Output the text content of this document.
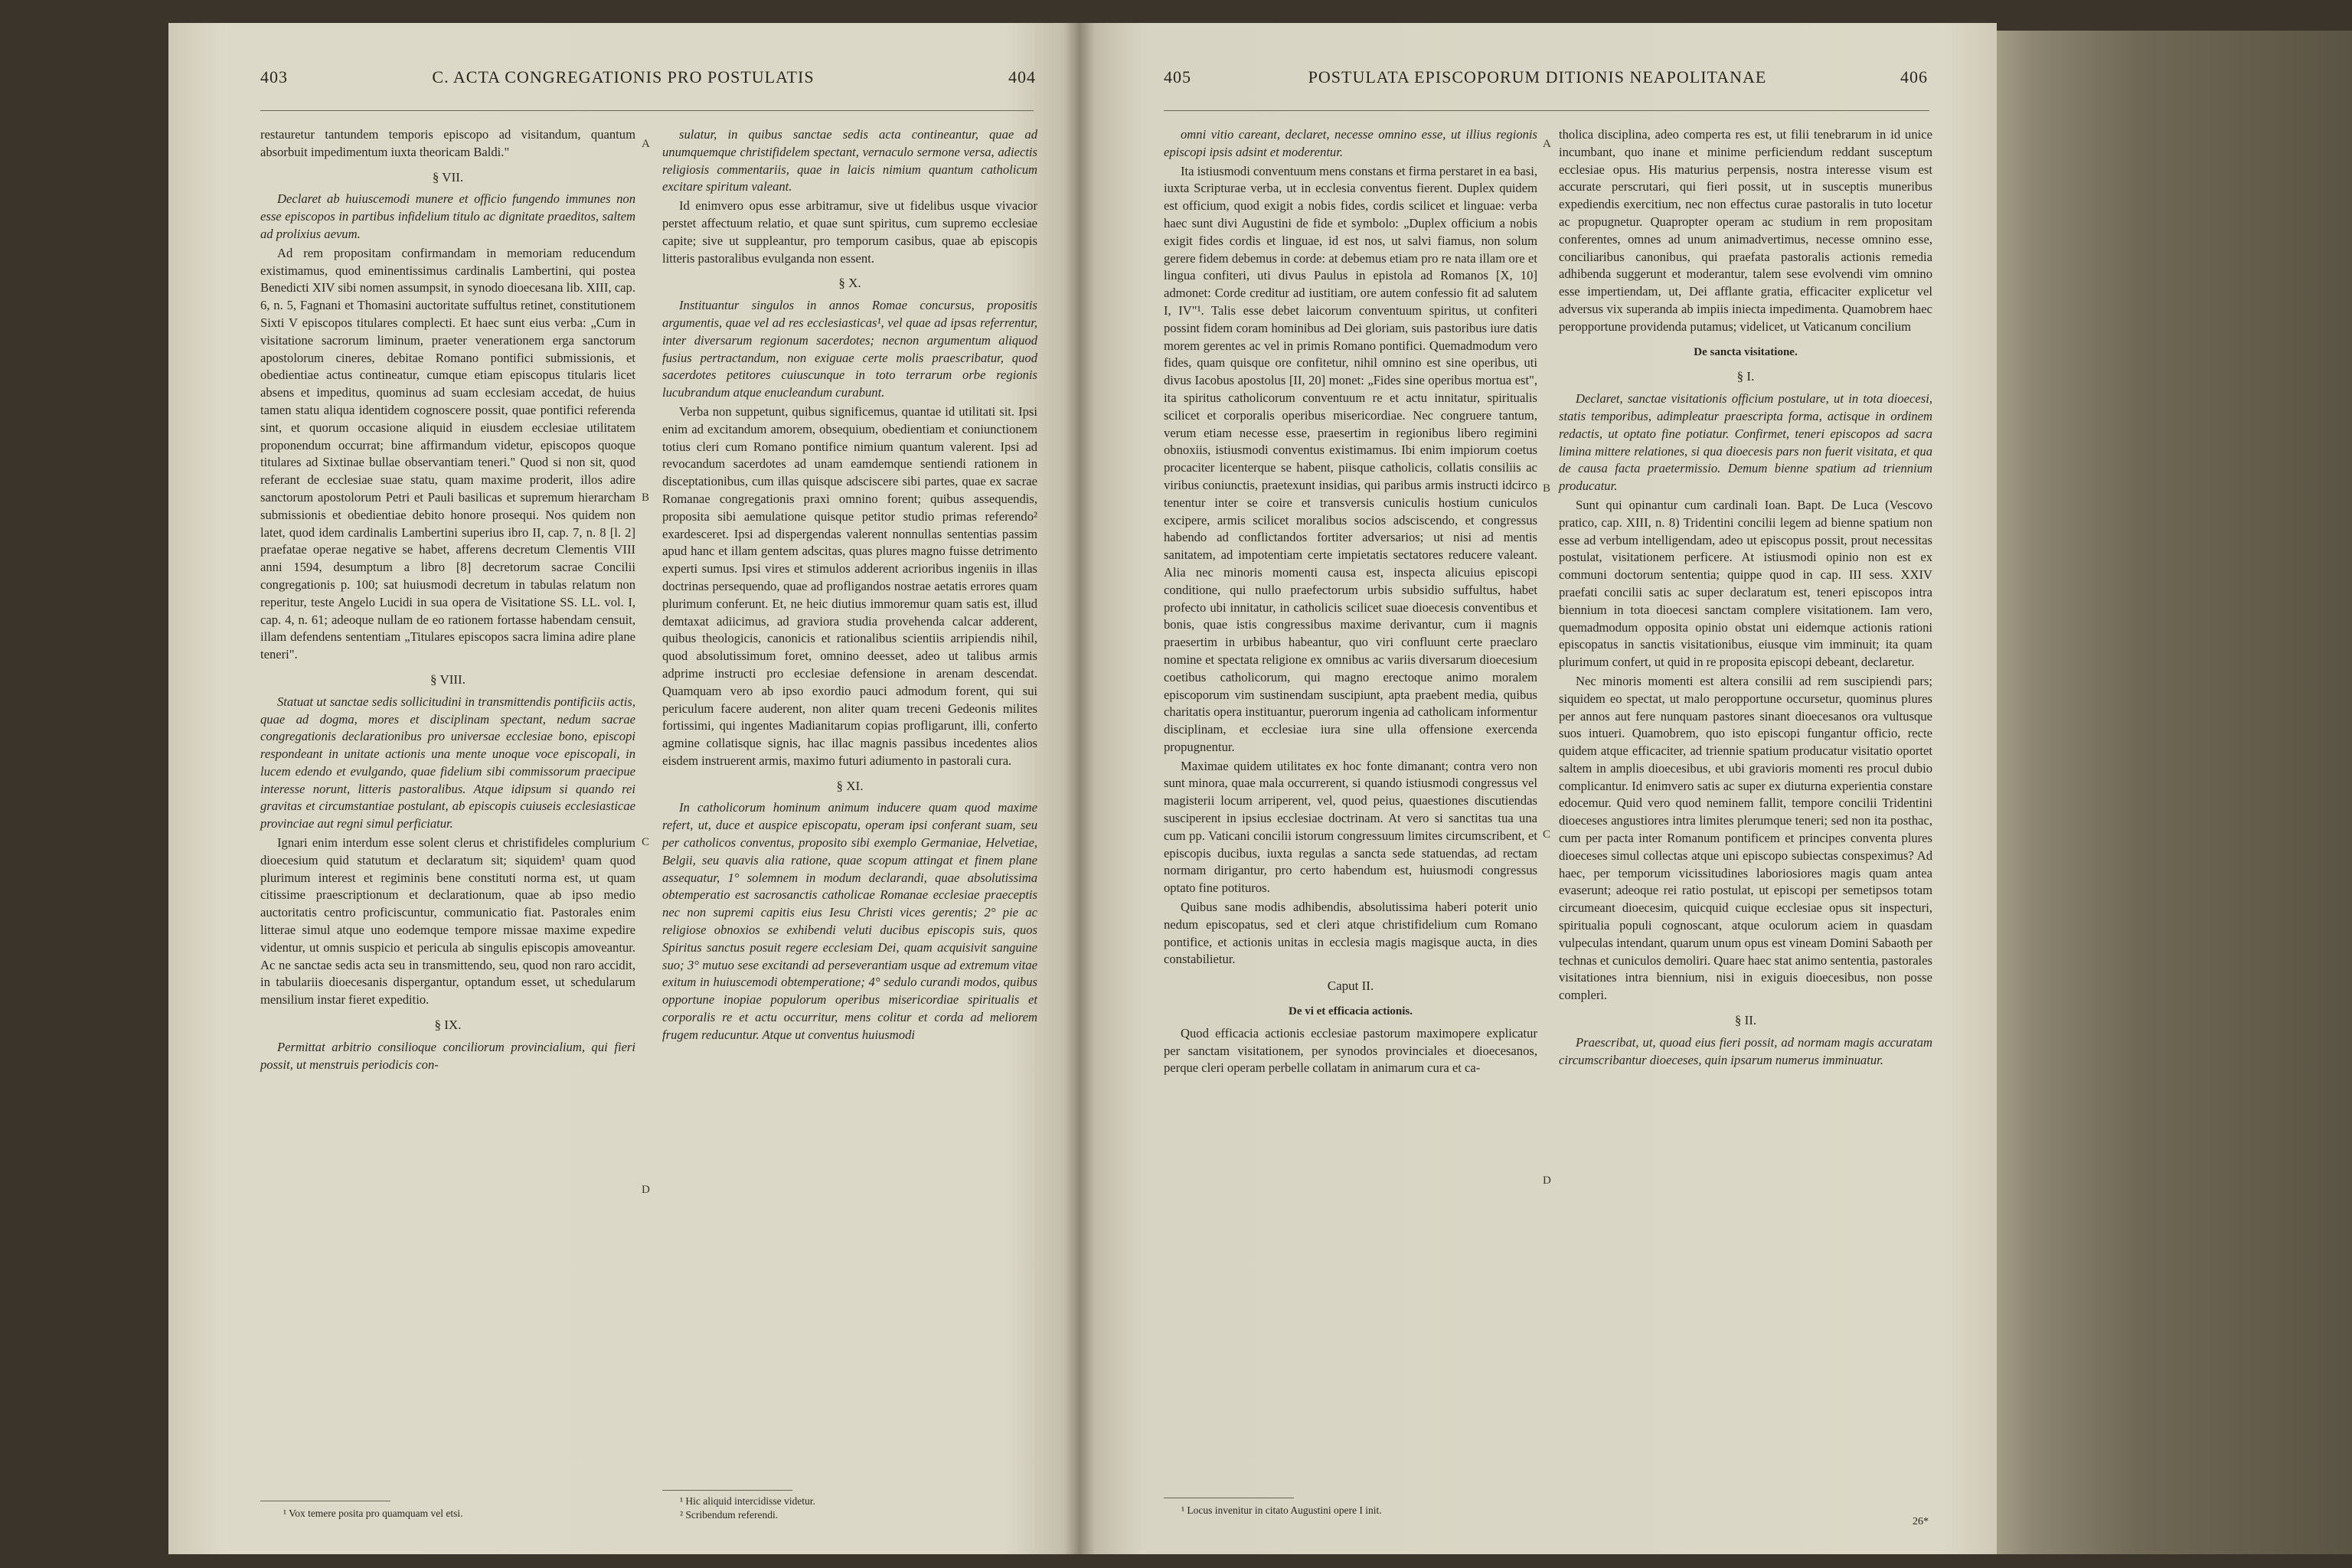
403	C. ACTA CONGREGATIONIS PRO POSTULATIS	404

restauretur tantundem temporis episcopo ad visitandum, quantum absorbuit impedimentum iuxta theoricam Baldi."

§ VII.

Declaret ab huiuscemodi munere et officio fungendo immunes non esse episcopos in partibus infidelium titulo ac dignitate praeditos, saltem ad prolixius aevum.

Ad rem propositam confirmandam in memoriam reducendum existimamus, quod eminentissimus cardinalis Lambertini, qui postea Benedicti XIV sibi nomen assumpsit, in synodo dioecesana lib. XIII, cap. 6, n. 5, Fagnani et Thomasini auctoritate suffultus retinet, constitutionem Sixti V episcopos titulares complecti. Et haec sunt eius verba: „Cum in visitatione sacrorum liminum, praeter venerationem erga sanctorum apostolorum cineres, debitae Romano pontifici submissionis, et obedientiae actus contineatur, cumque etiam episcopus titularis licet absens et impeditus, quominus ad suam ecclesiam accedat, de huius tamen statu aliqua identidem cognoscere possit, quae pontifici referenda sint, et quorum occasione aliquid in eiusdem ecclesiae utilitatem proponendum occurrat; bine affirmandum videtur, episcopos quoque titulares ad Sixtinae bullae observantiam teneri." Quod si non sit, quod referant de ecclesiae suae statu, quam maxime proderit, illos adire sanctorum apostolorum Petri et Pauli basilicas et supremum hierarcham submissionis et obedientiae debito honore prosequi. Nos quidem non latet, quod idem cardinalis Lambertini superius ibro II, cap. 7, n. 8 [l. 2] praefatae operae negative se habet, afferens decretum Clementis VIII anni 1594, desumptum a libro [8] decretorum sacrae Concilii congregationis p. 100; sat huiusmodi decretum in tabulas relatum non reperitur, teste Angelo Lucidi in sua opera de Visitatione SS. LL. vol. I, cap. 4, n. 61; adeoque nullam de eo rationem fortasse habendam censuit, illam defendens sententiam „Titulares episcopos sacra limina adire plane teneri".

§ VIII.

Statuat ut sanctae sedis sollicitudini in transmittendis pontificiis actis, quae ad dogma, mores et disciplinam spectant, nedum sacrae congregationis declarationibus pro universae ecclesiae bono, episcopi respondeant in unitate actionis una mente unoque voce episcopali, in lucem edendo et evulgando, quae fidelium sibi commissorum praecipue interesse norunt, litteris pastoralibus. Atque idipsum si quando rei gravitas et circumstantiae postulant, ab episcopis cuiuseis ecclesiasticae provinciae aut regni simul perficiatur.

Ignari enim interdum esse solent clerus et christifideles complurium dioecesium quid statutum et declaratum sit; siquidem¹ quam quod plurimum interest et regiminis bene constituti norma est, ut quam citissime praescriptionum et declarationum, quae ab ipso medio auctoritatis centro proficiscuntur, communicatio fiat. Pastorales enim litterae simul atque uno eodemque tempore missae maxime expedire videntur, ut omnis suspicio et pericula ab singulis episcopis amoveantur. Ac ne sanctae sedis acta seu in transmittendo, seu, quod non raro accidit, in tabulariis dioecesanis dispergantur, optandum esset, ut schedularum mensilium instar fieret expeditio.

§ IX.

Permittat arbitrio consilioque conciliorum provincialium, qui fieri possit, ut menstruis periodicis con-

sulatur, in quibus sanctae sedis acta contineantur, quae ad unumquemque christifidelem spectant, vernaculo sermone versa, adiectis religiosis commentariis, quae in laicis nimium quantum catholicum excitare spiritum valeant.

Id enimvero opus esse arbitramur, sive ut fidelibus usque vivacior perstet affectuum relatio, et quae sunt spiritus, cum supremo ecclesiae capite; sive ut suppleantur, pro temporum casibus, quae ab episcopis litteris pastoralibus evulganda non essent.

§ X.

Instituantur singulos in annos Romae concursus, propositis argumentis, quae vel ad res ecclesiasticas¹, vel quae ad ipsas referrentur, inter diversarum regionum sacerdotes; necnon argumentum aliquod fusius pertractandum, non exiguae certe molis praescribatur, quod sacerdotes petitores cuiuscunque in toto terrarum orbe regionis lucubrandum atque enucleandum curabunt.

Verba non suppetunt, quibus significemus, quantae id utilitati sit. Ipsi enim ad excitandum amorem, obsequium, obedientiam et coniunctionem totius cleri cum Romano pontifice nimium quantum valerent. Ipsi ad revocandum sacerdotes ad unam eamdemque sentiendi rationem in disceptationibus, cum illas quisque adsciscere sibi partes, quae ex sacrae Romanae congregationis praxi omnino forent; quibus assequendis, proposita sibi aemulatione quisque petitor studio primas referendo² exardesceret. Ipsi ad dispergendas valerent nonnullas sententias passim apud hanc et illam gentem adscitas, quas plures magno fuisse detrimento experti sumus. Ipsi vires et stimulos adderent acrioribus ingeniis in illas doctrinas persequendo, quae ad profligandos nostrae aetatis errores quam plurimum conferunt. Et, ne heic diutius immoremur quam satis est, illud demtaxat adiicimus, ad graviora studia provehenda calcar adderent, quibus theologicis, canonicis et rationalibus scientiis arripiendis nihil, quod absolutissimum foret, omnino deesset, adeo ut talibus armis adprime instructi pro ecclesiae defensione in arenam descendat. Quamquam vero ab ipso exordio pauci admodum forent, qui sui periculum facere auderent, non aliter quam treceni Gedeonis milites fortissimi, qui ingentes Madianitarum copias profligarunt, illi, conferto agmine collatisque signis, hac illac magnis passibus incedentes alios eisdem instruerent armis, maximo futuri adiumento in pastorali cura.

§ XI.

In catholicorum hominum animum inducere quam quod maxime refert, ut, duce et auspice episcopatu, operam ipsi conferant suam, seu per catholicos conventus, proposito sibi exemplo Germaniae, Helvetiae, Belgii, seu quavis alia ratione, quae scopum attingat et finem plane assequatur, 1° solemnem in modum declarandi, quae absolutissima obtemperatio est sacrosanctis catholicae Romanae ecclesiae praeceptis nec non supremi capitis eius Iesu Christi vices gerentis; 2° pie ac religiose obnoxios se exhibendi veluti ducibus episcopis suis, quos Spiritus sanctus posuit regere ecclesiam Dei, quam acquisivit sanguine suo; 3° mutuo sese excitandi ad perseverantiam usque ad extremum vitae exitum in huiuscemodi obtemperatione; 4° sedulo curandi modos, quibus opportune inopiae populorum operibus misericordiae spiritualis et corporalis re et actu occurritur, mens colitur et corda ad meliorem frugem reducuntur. Atque ut conventus huiusmodi

A
B
C
D
¹ Vox temere posita pro quamquam vel etsi.
¹ Hic aliquid intercidisse videtur.
² Scribendum referendi.
405	POSTULATA EPISCOPORUM DITIONIS NEAPOLITANAE	406

omni vitio careant, declaret, necesse omnino esse, ut illius regionis episcopi ipsis adsint et moderentur.

Ita istiusmodi conventuum mens constans et firma perstaret in ea basi, iuxta Scripturae verba, ut in ecclesia conventus fierent. Duplex quidem est officium, quod exigit a nobis fides, cordis scilicet et linguae: verba haec sunt divi Augustini de fide et symbolo: „Duplex officium a nobis exigit fides cordis et linguae, id est nos, ut salvi fiamus, non solum gerere fidem debemus in corde: at debemus etiam pro re nata illam ore et lingua confiteri, uti divus Paulus in epistola ad Romanos [X, 10] admonet: Corde creditur ad iustitiam, ore autem confessio fit ad salutem I, IV"¹. Talis esse debet laicorum conventuum spiritus, ut confiteri possint fidem coram hominibus ad Dei gloriam, suis pastoribus iure datis morem gerentes ac vel in primis Romano pontifici. Quemadmodum vero fides, quam quisque ore confitetur, nihil omnino est sine operibus, uti divus Iacobus apostolus [II, 20] monet: „Fides sine operibus mortua est", ita spiritus catholicorum conventuum re et actu innitatur, spiritualis scilicet et corporalis operibus misericordiae. Nec congruere tantum, verum etiam necesse esse, praesertim in regionibus libero regimini obnoxiis, istiusmodi conventus existimamus. Ibi enim impiorum coetus procaciter licenterque se habent, piisque catholicis, collatis consiliis ac viribus coniunctis, praetexunt insidias, qui paribus armis instructi idcirco tenentur inter se coire et transversis cuniculis hostium cuniculos excipere, armis scilicet moralibus socios adsciscendo, et congressus habendo ad conflictandos fortiter adversarios; ut nisi ad mentis sanitatem, ad impotentiam certe impietatis sectatores reducere valeant. Alia nec minoris momenti causa est, inspecta alicuius episcopi conditione, qui nullo praefectorum urbis subsidio suffultus, habet profecto ubi innitatur, in catholicis scilicet suae dioecesis conventibus et bonis, quae istis congressibus maxime derivantur, cum ii magnis praesertim in urbibus habeantur, quo viri confluunt certe praeclaro nomine et spectata religione ex omnibus ac variis diversarum dioecesium coetibus catholicorum, qui magno erectoque animo moralem episcoporum vim sustinendam suscipiunt, apta praebent media, quibus charitatis opera instituantur, puerorum ingenia ad catholicam informentur disciplinam, et ecclesiae iura sine ulla offensione exercenda propugnentur.

Maximae quidem utilitates ex hoc fonte dimanant; contra vero non sunt minora, quae mala occurrerent, si quando istiusmodi congressus vel magisterii locum arriperent, vel, quod peius, quaestiones discutiendas susciperent in ipsius ecclesiae doctrinam. At vero si sanctitas tua una cum pp. Vaticani concilii istorum congressuum limites circumscribent, et episcopis ducibus, iuxta regulas a sancta sede statuendas, ad rectam normam dirigantur, pro certo habendum est, huiusmodi congressus optato fine potituros.

Quibus sane modis adhibendis, absolutissima haberi poterit unio nedum episcopatus, sed et cleri atque christifidelium cum Romano pontifice, et actionis unitas in ecclesia magis magisque aucta, in dies constabilietur.

Caput II.

De vi et efficacia actionis.

Quod efficacia actionis ecclesiae pastorum maximopere explicatur per sanctam visitationem, per synodos provinciales et dioecesanos, perque cleri operam perbelle collatam in animarum cura et ca-

tholica disciplina, adeo comperta res est, ut filii tenebrarum in id unice incumbant, quo inane et minime perficiendum reddant susceptum ecclesiae opus. His maturius perpensis, nostra interesse visum est accurate perscrutari, qui fieri possit, ut in susceptis muneribus expediendis exercitium, nec non effectus curae pastoralis in tuto locetur ac propugnetur. Quapropter operam ac studium in rem propositam conferentes, omnes ad unum animadvertimus, necesse omnino esse, conciliaribus canonibus, qui praefata pastoralis actionis remedia adhibenda suggerunt et moderantur, talem sese evolvendi vim omnino esse impertiendam, ut, Dei afflante gratia, efficaciter explicetur vel adversus vix superanda ab impiis iniecta impedimenta. Quamobrem haec peropportune providenda putamus; videlicet, ut Vaticanum concilium

De sancta visitatione.

§ I.

Declaret, sanctae visitationis officium postulare, ut in tota dioecesi, statis temporibus, adimpleatur praescripta forma, actisque in ordinem redactis, ut optato fine potiatur. Confirmet, teneri episcopos ad sacra limina mittere relationes, si qua dioecesis pars non fuerit visitata, et qua de causa facta praetermissio. Demum bienne spatium ad triennium producatur.

Sunt qui opinantur cum cardinali Ioan. Bapt. De Luca (Vescovo pratico, cap. XIII, n. 8) Tridentini concilii legem ad bienne spatium non esse ad verbum intelligendam, adeo ut episcopus possit, prout necessitas postulat, visitationem perficere. At istiusmodi opinio non est ex communi doctorum sententia; quippe quod in cap. III sess. XXIV praefati concilii satis ac super declaratum est, teneri episcopos intra biennium in tota dioecesi sanctam complere visitationem. Iam vero, quemadmodum opposita opinio obstat uni eidemque actionis rationi episcopatus in sanctis visitationibus, eiusque vim imminuit; ita quam plurimum confert, ut quid in re proposita episcopi debeant, declaretur.

Nec minoris momenti est altera consilii ad rem suscipiendi pars; siquidem eo spectat, ut malo peropportune occursetur, quominus plures per annos aut fere nunquam pastores sinant dioecesanos ora vultusque suos intueri. Quamobrem, quo isto episcopi fungantur officio, recte quidem atque efficaciter, ad triennie spatium producatur visitatio oportet saltem in amplis dioecesibus, et ubi gravioris momenti res procul dubio complicantur. Id enimvero satis ac super ex diuturna experientia constare edocemur. Quid vero quod neminem fallit, tempore concilii Tridentini dioeceses angustiores intra limites plerumque teneri; sed non ita posthac, cum per pacta inter Romanum pontificem et principes conventa plures dioeceses simul collectas atque uni episcopo subiectas conspeximus? Ad haec, per temporum vicissitudines laboriosiores magis quam antea evaserunt; adeoque rei ratio postulat, ut episcopi per semetipsos totam circumeant dioecesim, quicquid cuique ecclesiae opus sit inspecturi, spiritualia populi cognoscant, atque oculorum aciem in quasdam vulpeculas intendant, quarum unum opus est vineam Domini Sabaoth per technas et cuniculos demoliri. Quare haec stat animo sententia, pastorales visitationes intra biennium, nisi in exiguis dioecesibus, non posse compleri.

§ II.

Praescribat, ut, quoad eius fieri possit, ad normam magis accuratam circumscribantur dioeceses, quin ipsarum numerus imminuatur.

A
B
C
D
¹ Locus invenitur in citato Augustini opere I init.
26*
